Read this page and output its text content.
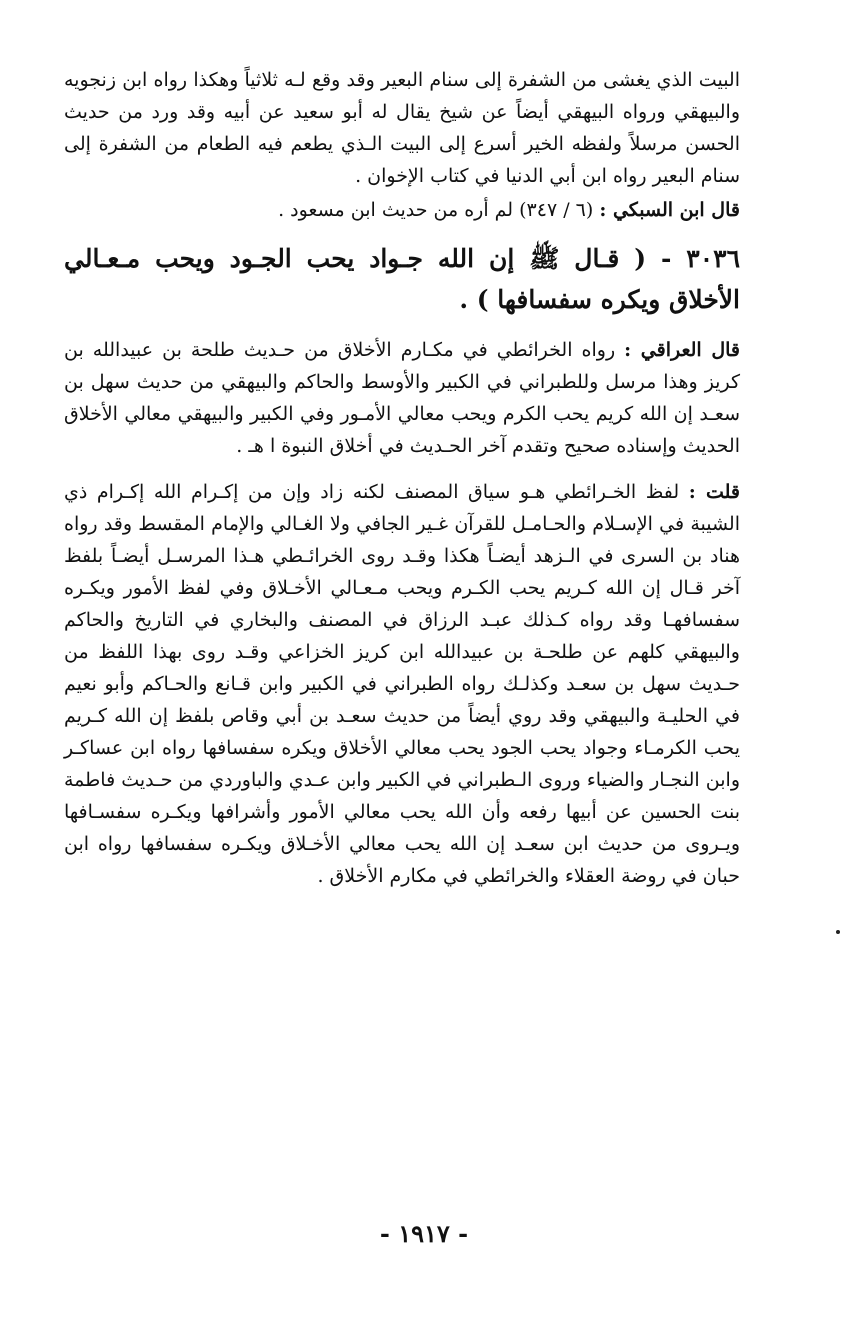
البيت الذي يغشى من الشفرة إلى سنام البعير وقد وقع لـه ثلاثياً وهكذا رواه ابن زنجويه والبيهقي ورواه البيهقي أيضاً عن شيخ يقال له أبو سعيد عن أبيه وقد ورد من حديث الحسن مرسلاً ولفظه الخير أسرع إلى البيت الـذي يطعم فيه الطعام من الشفرة إلى سنام البعير رواه ابن أبي الدنيا في كتاب الإخوان .

قال ابن السبكي : (٦ / ٣٤٧) لم أره من حديث ابن مسعود .

٣٠٣٦ - ( قـال ﷺ إن الله جـواد يحب الجـود ويحب مـعـالي الأخلاق ويكره سفسافها ) .

قال العراقي : رواه الخرائطي في مكـارم الأخلاق من حـديث طلحة بن عبيدالله بن كريز وهذا مرسل وللطبراني في الكبير والأوسط والحاكم والبيهقي من حديث سهل بن سعـد إن الله كريم يحب الكرم ويحب معالي الأمـور وفي الكبير والبيهقي معالي الأخلاق الحديث وإسناده صحيح وتقدم آخر الحـديث في أخلاق النبوة ا هـ .

قلت : لفظ الخـرائطي هـو سياق المصنف لكنه زاد وإن من إكـرام الله إكـرام ذي الشيبة في الإسـلام والحـامـل للقرآن غـير الجافي ولا الغـالي والإمام المقسط وقد رواه هناد بن السرى في الـزهد أيضـاً هكذا وقـد روى الخرائـطي هـذا المرسـل أيضـاً بلفظ آخر قـال إن الله كـريم يحب الكـرم ويحب مـعـالي الأخـلاق وفي لفظ الأمور ويكـره سفسافهـا وقد رواه كـذلك عبـد الرزاق في المصنف والبخاري في التاريخ والحاكم والبيهقي كلهم عن طلحـة بن عبيدالله ابن كريز الخزاعي وقـد روى بهذا اللفظ من حـديث سهل بن سعـد وكذلـك رواه الطبراني في الكبير وابن قـانع والحـاكم وأبو نعيم في الحليـة والبيهقي وقد روي أيضاً من حديث سعـد بن أبي وقاص بلفظ إن الله كـريم يحب الكرمـاء وجواد يحب الجود يحب معالي الأخلاق ويكره سفسافها رواه ابن عساكـر وابن النجـار والضياء وروى الـطبراني في الكبير وابن عـدي والباوردي من حـديث فاطمة بنت الحسين عن أبيها رفعه وأن الله يحب معالي الأمور وأشرافها ويكـره سفسـافها ويـروى من حديث ابن سعـد إن الله يحب معالي الأخـلاق ويكـره سفسافها رواه ابن حبان في روضة العقلاء والخرائطي في مكارم الأخلاق .

- ١٩١٧ -
